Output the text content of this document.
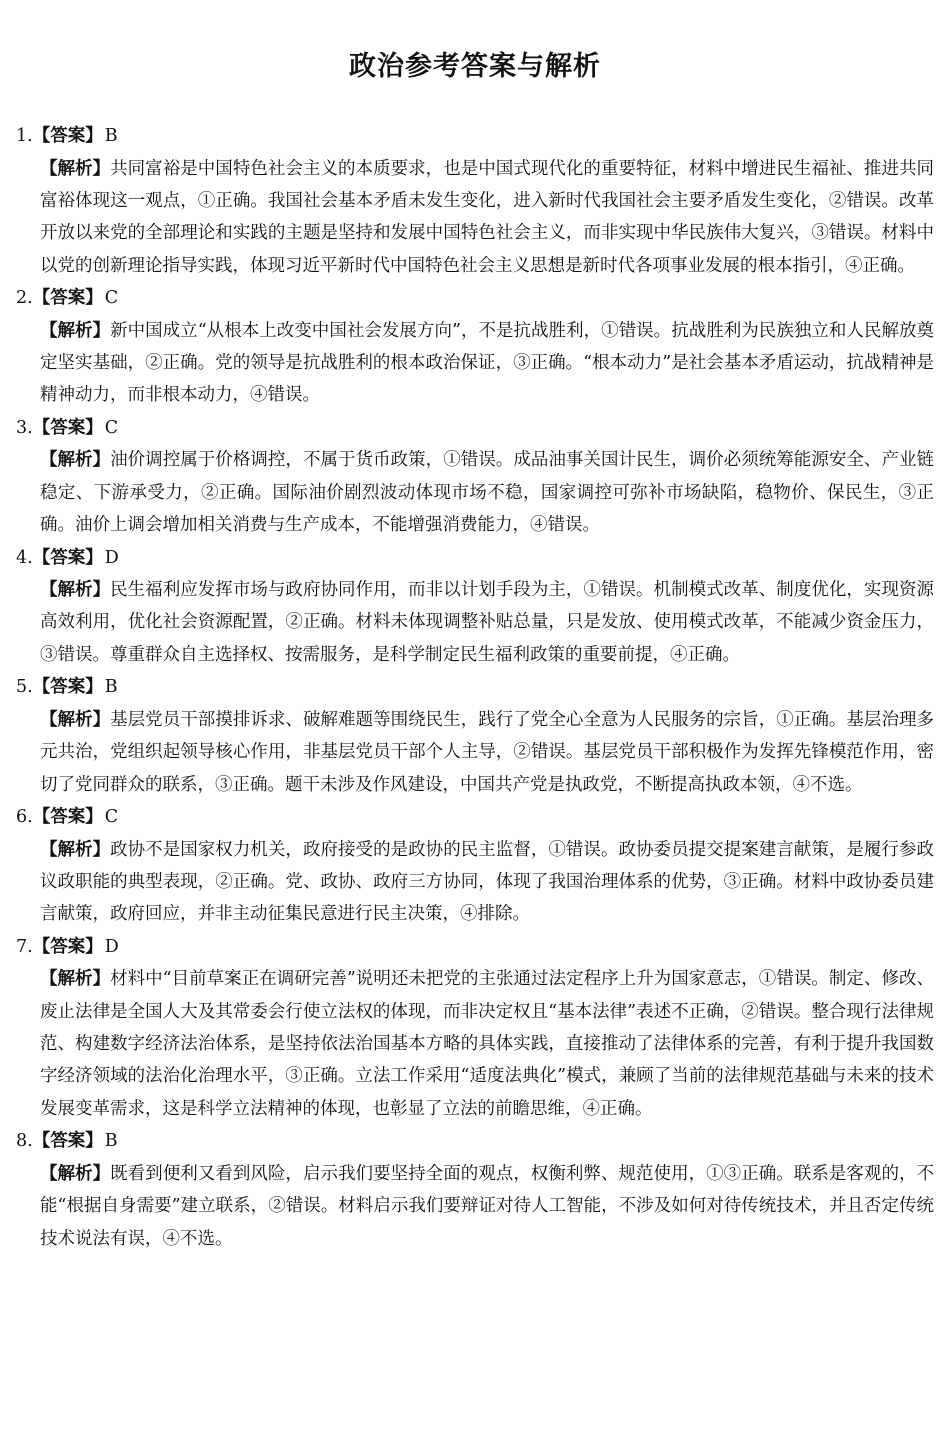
政治参考答案与解析
1.【答案】 B
【解析】共同富裕是中国特色社会主义的本质要求，也是中国式现代化的重要特征，材料中增进民生福祉、推进共同富裕体现这一观点，①正确。我国社会基本矛盾未发生变化，进入新时代我国社会主要矛盾发生变化，②错误。改革开放以来党的全部理论和实践的主题是坚持和发展中国特色社会主义，而非实现中华民族伟大复兴，③错误。材料中以党的创新理论指导实践，体现习近平新时代中国特色社会主义思想是新时代各项事业发展的根本指引，④正确。
2.【答案】 C
【解析】新中国成立“从根本上改变中国社会发展方向”，不是抗战胜利，①错误。抗战胜利为民族独立和人民解放奠定坚实基础，②正确。党的领导是抗战胜利的根本政治保证，③正确。“根本动力”是社会基本矛盾运动，抗战精神是精神动力，而非根本动力，④错误。
3.【答案】 C
【解析】油价调控属于价格调控，不属于货币政策，①错误。成品油事关国计民生，调价必须统筹能源安全、产业链稳定、下游承受力，②正确。国际油价剧烈波动体现市场不稳，国家调控可弥补市场缺陷，稳物价、保民生，③正确。油价上调会增加相关消费与生产成本，不能增强消费能力，④错误。
4.【答案】 D
【解析】民生福利应发挥市场与政府协同作用，而非以计划手段为主，①错误。机制模式改革、制度优化，实现资源高效利用，优化社会资源配置，②正确。材料未体现调整补贴总量，只是发放、使用模式改革，不能减少资金压力，③错误。尊重群众自主选择权、按需服务，是科学制定民生福利政策的重要前提，④正确。
5.【答案】 B
【解析】基层党员干部摸排诉求、破解难题等围绕民生，践行了党全心全意为人民服务的宗旨，①正确。基层治理多元共治，党组织起领导核心作用，非基层党员干部个人主导，②错误。基层党员干部积极作为发挥先锋模范作用，密切了党同群众的联系，③正确。题干未涉及作风建设，中国共产党是执政党，不断提高执政本领，④不选。
6.【答案】 C
【解析】政协不是国家权力机关，政府接受的是政协的民主监督，①错误。政协委员提交提案建言献策，是履行参政议政职能的典型表现，②正确。党、政协、政府三方协同，体现了我国治理体系的优势，③正确。材料中政协委员建言献策，政府回应，并非主动征集民意进行民主决策，④排除。
7.【答案】 D
【解析】材料中“目前草案正在调研完善”说明还未把党的主张通过法定程序上升为国家意志，①错误。制定、修改、废止法律是全国人大及其常委会行使立法权的体现，而非决定权且“基本法律”表述不正确，②错误。整合现行法律规范、构建数字经济法治体系，是坚持依法治国基本方略的具体实践，直接推动了法律体系的完善，有利于提升我国数字经济领域的法治化治理水平，③正确。立法工作采用“适度法典化”模式，兼顾了当前的法律规范基础与未来的技术发展变革需求，这是科学立法精神的体现，也彰显了立法的前瞻思维，④正确。
8.【答案】 B
【解析】既看到便利又看到风险，启示我们要坚持全面的观点，权衡利弊、规范使用，①③正确。联系是客观的，不能“根据自身需要”建立联系，②错误。材料启示我们要辩证对待人工智能，不涉及如何对待传统技术，并且否定传统技术说法有误，④不选。
